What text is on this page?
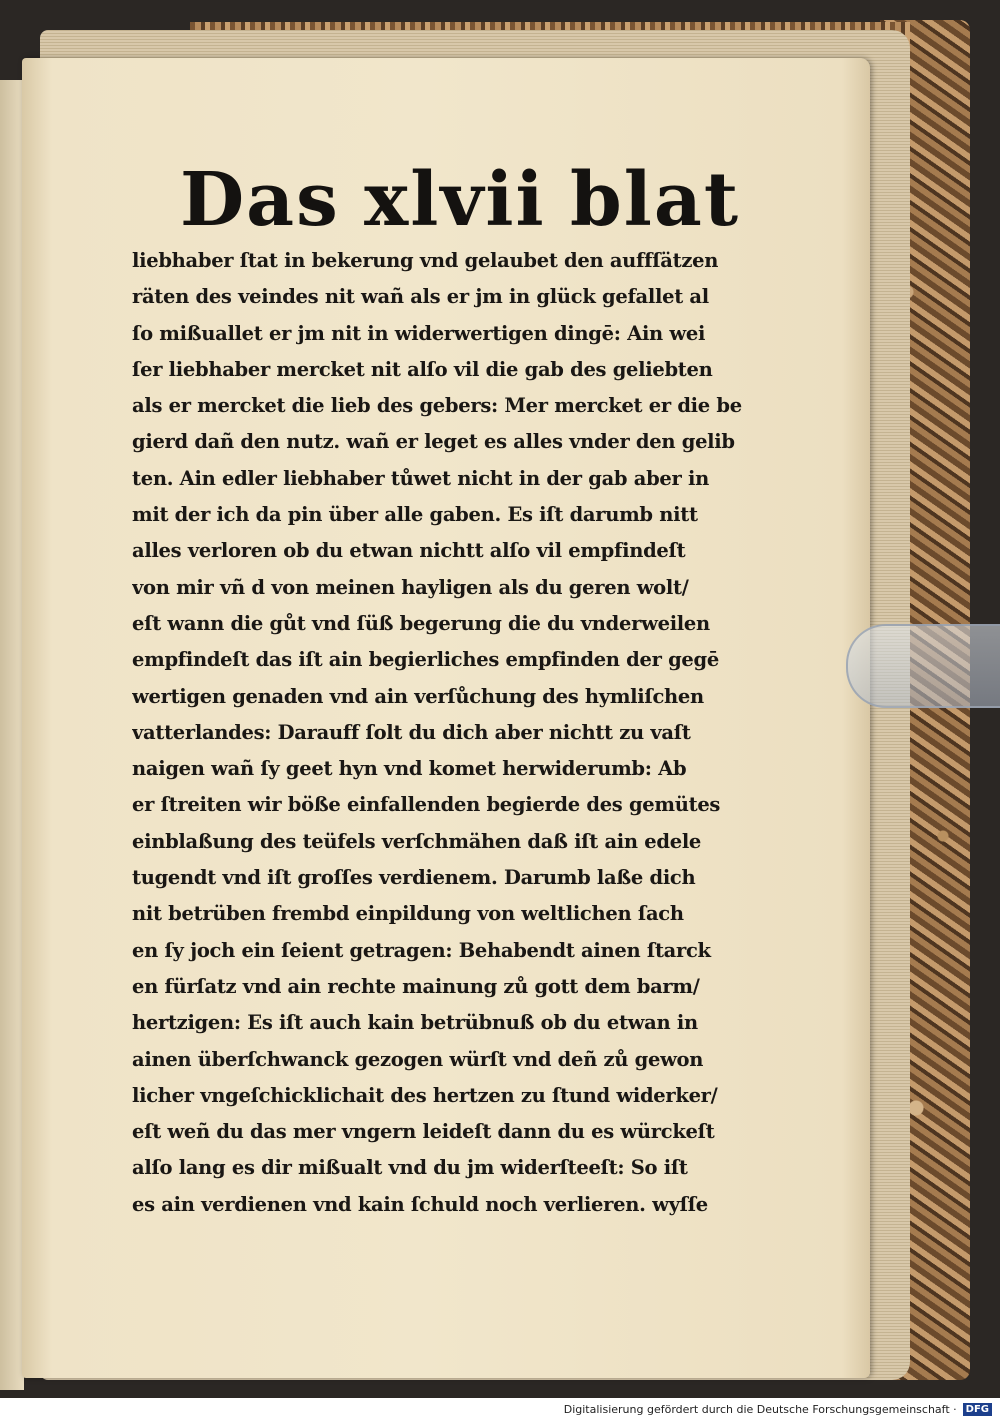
Das xlvii blat
liebhaber ſtat in bekerung vnd gelaubet den auffſätzen
räten des veindes nit wañ als er jm in glück gefallet al
ſo mißuallet er jm nit in widerwertigen dingē: Ain wei
ſer liebhaber mercket nit alſo vil die gab des geliebten
als er mercket die lieb des gebers: Mer mercket er die be
gierd dañ den nutz. wañ er leget es alles vnder den gelib
ten. Ain edler liebhaber tůwet nicht in der gab aber in
mit der ich da pin über alle gaben. Es iſt darumb nitt
alles verloren ob du etwan nichtt alſo vil empfindeſt
von mir vñ d von meinen hayligen als du geren wolt/
eſt wann die gůt vnd ſüß begerung die du vnderweilen
empfindeſt das iſt ain begierliches empfinden der gegē
wertigen genaden vnd ain verſůchung des hymliſchen
vatterlandes: Darauff ſolt du dich aber nichtt zu vaſt
naigen wañ ſy geet hyn vnd komet herwiderumb: Ab
er ſtreiten wir böße einfallenden begierde des gemütes
einblaßung des teüfels verſchmähen daß iſt ain edele
tugendt vnd iſt groſſes verdienem. Darumb laße dich
nit betrüben frembd einpildung von weltlichen ſach
en ſy joch ein ſeient getragen: Behabendt ainen ſtarck
en fürſatz vnd ain rechte mainung zů gott dem barm/
hertzigen: Es iſt auch kain betrübnuß ob du etwan in
ainen überſchwanck gezogen würſt vnd deñ zů gewon
licher vngeſchicklichait des hertzen zu ſtund widerker/
eſt weñ du das mer vngern leideſt dann du es würckeſt
alſo lang es dir mißualt vnd du jm widerſteeſt: So iſt
es ain verdienen vnd kain ſchuld noch verlieren. wyſſe
Digitalisierung gefördert durch die Deutsche Forschungsgemeinschaft · DFG
